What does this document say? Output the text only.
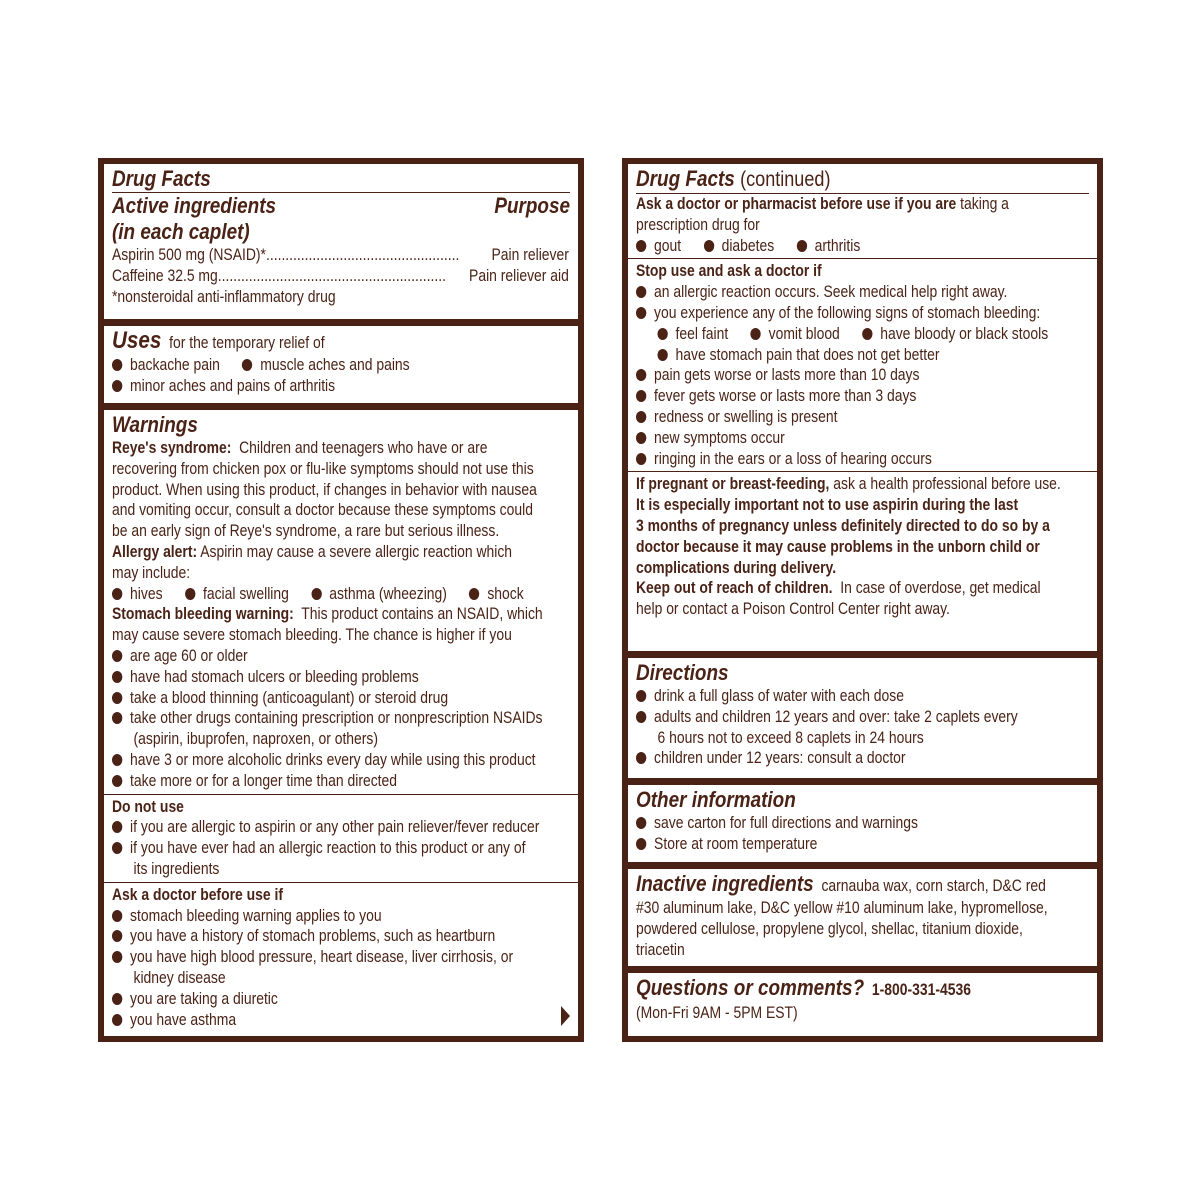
Drug Facts
Active ingredients	Purpose
(in each caplet)
Aspirin 500 mg (NSAID)* ..................................................	Pain reliever
Caffeine 32.5 mg ...........................................................	Pain reliever aid
*nonsteroidal anti-inflammatory drug
Uses for the temporary relief of
backache pain muscle aches and pains
minor aches and pains of arthritis
Warnings
Reye's syndrome: Children and teenagers who have or are
recovering from chicken pox or flu-like symptoms should not use this
product. When using this product, if changes in behavior with nausea
and vomiting occur, consult a doctor because these symptoms could
be an early sign of Reye's syndrome, a rare but serious illness.
Allergy alert: Aspirin may cause a severe allergic reaction which
may include:
hives facial swelling asthma (wheezing) shock
Stomach bleeding warning: This product contains an NSAID, which
may cause severe stomach bleeding. The chance is higher if you
are age 60 or older
have had stomach ulcers or bleeding problems
take a blood thinning (anticoagulant) or steroid drug
take other drugs containing prescription or nonprescription NSAIDs
(aspirin, ibuprofen, naproxen, or others)
have 3 or more alcoholic drinks every day while using this product
take more or for a longer time than directed
Do not use
if you are allergic to aspirin or any other pain reliever/fever reducer
if you have ever had an allergic reaction to this product or any of
its ingredients
Ask a doctor before use if
stomach bleeding warning applies to you
you have a history of stomach problems, such as heartburn
you have high blood pressure, heart disease, liver cirrhosis, or
kidney disease
you are taking a diuretic
you have asthma
Drug Facts (continued)
Ask a doctor or pharmacist before use if you are taking a
prescription drug for
gout diabetes arthritis
Stop use and ask a doctor if
an allergic reaction occurs. Seek medical help right away.
you experience any of the following signs of stomach bleeding:
feel faint vomit blood have bloody or black stools
have stomach pain that does not get better
pain gets worse or lasts more than 10 days
fever gets worse or lasts more than 3 days
redness or swelling is present
new symptoms occur
ringing in the ears or a loss of hearing occurs
If pregnant or breast-feeding, ask a health professional before use.
It is especially important not to use aspirin during the last
3 months of pregnancy unless definitely directed to do so by a
doctor because it may cause problems in the unborn child or
complications during delivery.
Keep out of reach of children. In case of overdose, get medical
help or contact a Poison Control Center right away.
Directions
drink a full glass of water with each dose
adults and children 12 years and over: take 2 caplets every
6 hours not to exceed 8 caplets in 24 hours
children under 12 years: consult a doctor
Other information
save carton for full directions and warnings
Store at room temperature
Inactive ingredients carnauba wax, corn starch, D&C red
#30 aluminum lake, D&C yellow #10 aluminum lake, hypromellose,
powdered cellulose, propylene glycol, shellac, titanium dioxide,
triacetin
Questions or comments? 1-800-331-4536
(Mon-Fri 9AM - 5PM EST)
